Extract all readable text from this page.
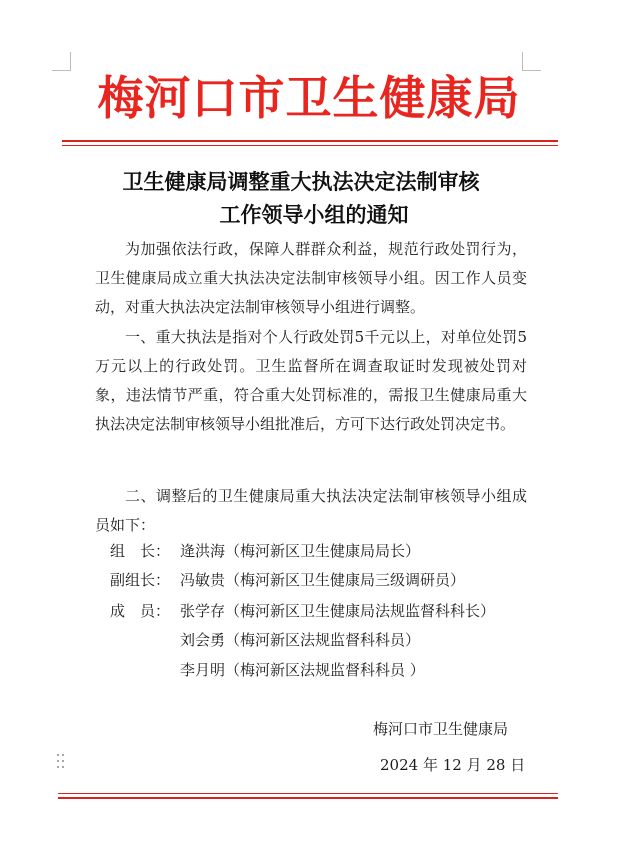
梅河口市卫生健康局
卫生健康局调整重大执法决定法制审核
工作领导小组的通知
为加强依法行政，保障人群群众利益，规范行政处罚行为，卫生健康局成立重大执法决定法制审核领导小组。因工作人员变动，对重大执法决定法制审核领导小组进行调整。
一、重大执法是指对个人行政处罚5千元以上，对单位处罚5万元以上的行政处罚。卫生监督所在调查取证时发现被处罚对象，违法情节严重，符合重大处罚标准的，需报卫生健康局重大执法决定法制审核领导小组批准后，方可下达行政处罚决定书。
二、调整后的卫生健康局重大执法决定法制审核领导小组成员如下：
组　长： 逄洪海（梅河新区卫生健康局局长）
副组长： 冯敏贵（梅河新区卫生健康局三级调研员）
成　员： 张学存（梅河新区卫生健康局法规监督科科长）
刘会勇（梅河新区法规监督科科员）
李月明（梅河新区法规监督科科员 ）
梅河口市卫生健康局
2024 年 12 月 28 日
